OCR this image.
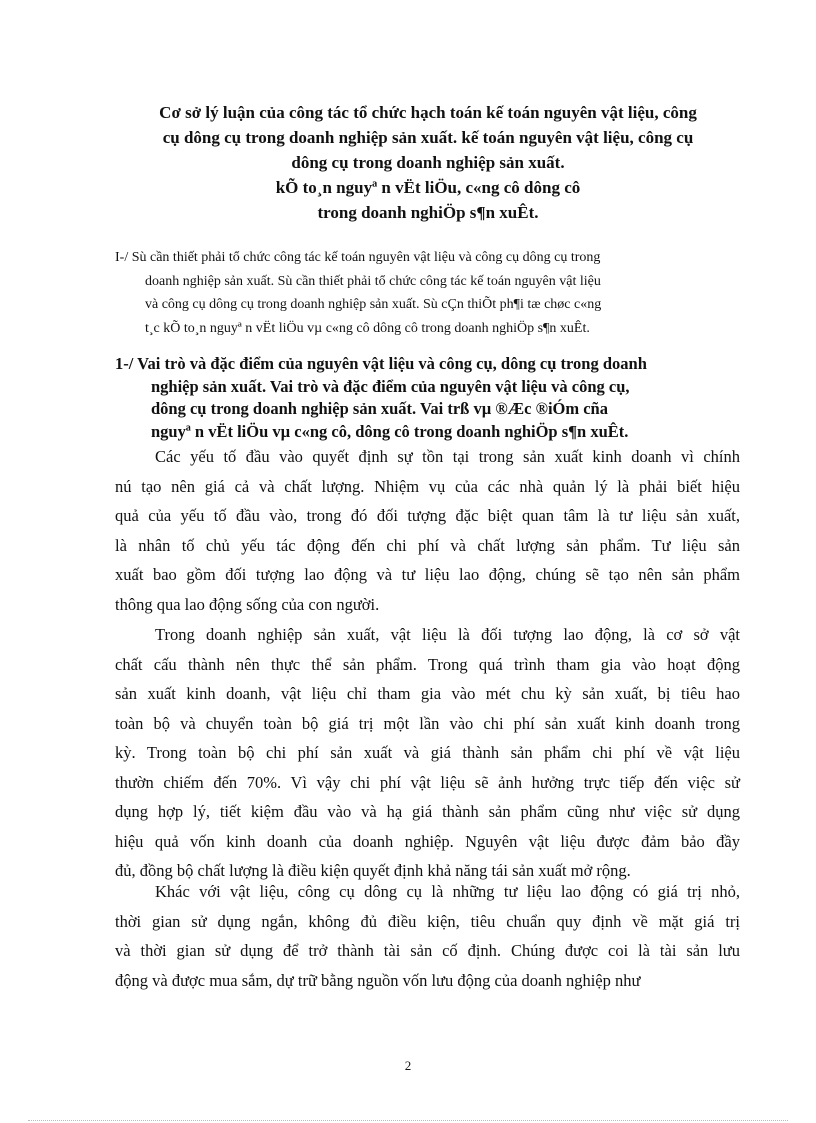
Cơ sở lý luận của công tác tổ chức hạch toán kế toán nguyên vật liệu, công
cụ dông cụ trong doanh nghiệp sản xuất. kế toán nguyên vật liệu, công cụ
dông cụ trong doanh nghiệp sản xuất.
kÕ to¸n nguyª n vËt liÖu, c«ng cô dông cô
trong doanh nghiÖp s¶n xuÊt.
I-/ Sù cần thiết phải tổ chức công tác kế toán nguyên vật liệu và công cụ dông cụ trong
doanh nghiệp sản xuất. Sù cần thiết phải tổ chức công tác kế toán nguyên vật liệu
và công cụ dông cụ trong doanh nghiệp sản xuất. Sù cÇn thiÕt ph¶i tæ chøc c«ng
t¸c kÕ to¸n nguyª n vËt liÖu vµ c«ng cô dông cô trong doanh nghiÖp s¶n xuÊt.
1-/ Vai trò và đặc điểm của nguyên vật liệu và công cụ, dông cụ trong doanh
nghiệp sản xuất. Vai trò và đặc điểm của nguyên vật liệu và công cụ,
dông cụ trong doanh nghiệp sản xuất. Vai trß vµ ®Æc ®iÓm cña
nguyª n vËt liÖu vµ c«ng cô, dông cô trong doanh nghiÖp s¶n xuÊt.
Các yếu tố đầu vào quyết định sự tồn tại trong sản xuất kinh doanh vì chính
nú tạo nên giá cả và chất lượng. Nhiệm vụ của các nhà quản lý là phải biết hiệu
quả của yếu tố đầu vào, trong đó đối tượng đặc biệt quan tâm là tư liệu sản xuất,
là nhân tố chủ yếu tác động đến chi phí và chất lượng sản phẩm. Tư liệu sản
xuất bao gồm đối tượng lao động và tư liệu lao động, chúng sẽ tạo nên sản phẩm
thông qua lao động sống của con người.
Trong doanh nghiệp sản xuất, vật liệu là đối tượng lao động, là cơ sở vật
chất cấu thành nên thực thể sản phẩm. Trong quá trình tham gia vào hoạt động
sản xuất kinh doanh, vật liệu chỉ tham gia vào mét chu kỳ sản xuất, bị tiêu hao
toàn bộ và chuyển toàn bộ giá trị một lần vào chi phí sản xuất kinh doanh trong
kỳ. Trong toàn bộ chi phí sản xuất và giá thành sản phẩm chi phí về vật liệu
thườn chiếm đến 70%. Vì vậy chi phí vật liệu sẽ ảnh hưởng trực tiếp đến việc sử
dụng hợp lý, tiết kiệm đầu vào và hạ giá thành sản phẩm cũng như việc sử dụng
hiệu quả vốn kinh doanh của doanh nghiệp. Nguyên vật liệu được đảm bảo đầy
đủ, đồng bộ chất lượng là điều kiện quyết định khả năng tái sản xuất mở rộng.
Khác với vật liệu, công cụ dông cụ là những tư liệu lao động có giá trị nhỏ,
thời gian sử dụng ngắn, không đủ điều kiện, tiêu chuẩn quy định về mặt giá trị
và thời gian sử dụng để trở thành tài sản cố định. Chúng được coi là tài sản lưu
động và được mua sắm, dự trữ bằng nguồn vốn lưu động của doanh nghiệp như
2
